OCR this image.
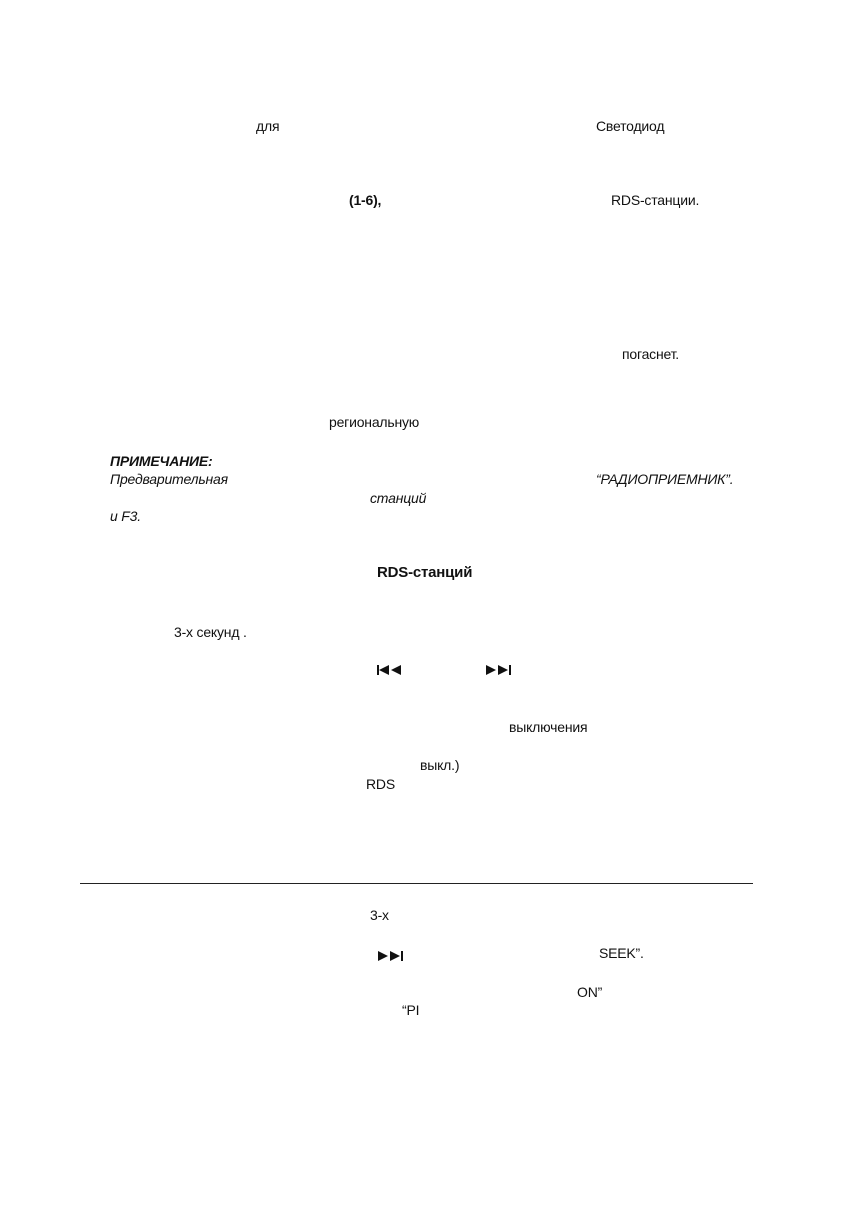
для	Светодиод
(1-6),	RDS-станции.
погаснет.
региональную
ПРИМЕЧАНИЕ:
Предварительная	“РАДИОПРИЕМНИК”.
станций
и F3.
RDS-станций
3-х секунд .
выключения
выкл.)
RDS
3-х
SEEK”.
ON”
“PI
